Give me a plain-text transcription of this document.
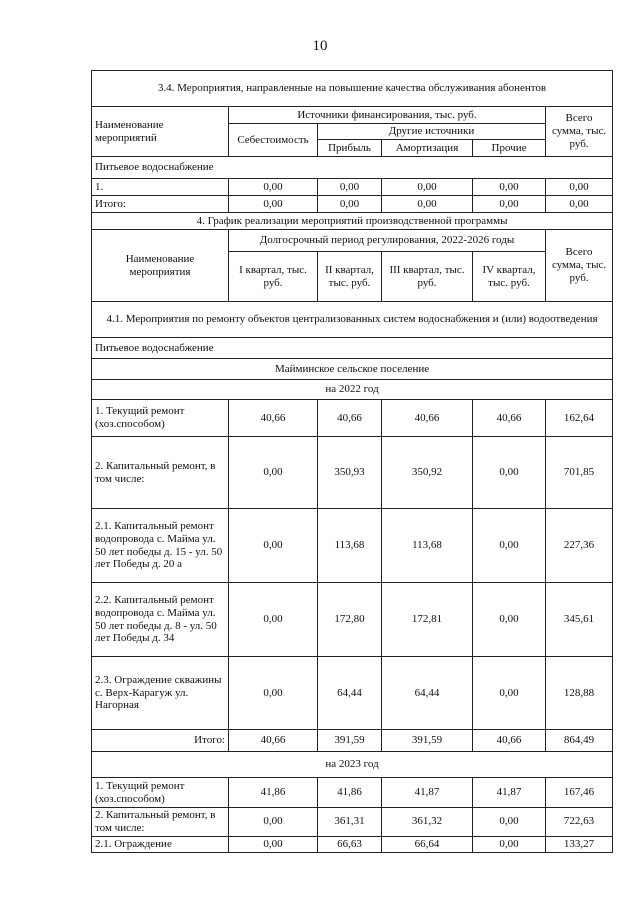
10
3.4. Мероприятия, направленные на повышение качества обслуживания абонентов					
Наименование мероприятий	Источники финансирования, тыс. руб.				Всего сумма, тыс. руб.
	Себестоимость	Другие источники			
		Прибыль	Амортизация	Прочие	
Питьевое водоснабжение					
1.	0,00	0,00	0,00	0,00	0,00
Итого:	0,00	0,00	0,00	0,00	0,00
4. График реализации мероприятий производственной программы					
Наименование мероприятия	Долгосрочный период регулирования, 2022-2026 годы				Всего сумма, тыс. руб.
	I квартал, тыс. руб.	II квартал, тыс. руб.	III квартал, тыс. руб.	IV квартал, тыс. руб.	
4.1. Мероприятия по ремонту объектов централизованных систем водоснабжения и (или) водоотведения					
Питьевое водоснабжение					
Майминское сельское поселение					
на 2022 год					
1. Текущий ремонт (хоз.способом)	40,66	40,66	40,66	40,66	162,64
2. Капитальный ремонт, в том числе:	0,00	350,93	350,92	0,00	701,85
2.1. Капитальный ремонт водопровода с. Майма ул. 50 лет победы д. 15 - ул. 50 лет Победы д. 20 а	0,00	113,68	113,68	0,00	227,36
2.2. Капитальный ремонт водопровода с. Майма ул. 50 лет победы д. 8 - ул. 50 лет Победы д. 34	0,00	172,80	172,81	0,00	345,61
2.3. Ограждение скважины с. Верх-Карагуж ул. Нагорная	0,00	64,44	64,44	0,00	128,88
Итого:	40,66	391,59	391,59	40,66	864,49
на 2023 год					
1. Текущий ремонт (хоз.способом)	41,86	41,86	41,87	41,87	167,46
2. Капитальный ремонт, в том числе:	0,00	361,31	361,32	0,00	722,63
2.1. Ограждение	0,00	66,63	66,64	0,00	133,27
